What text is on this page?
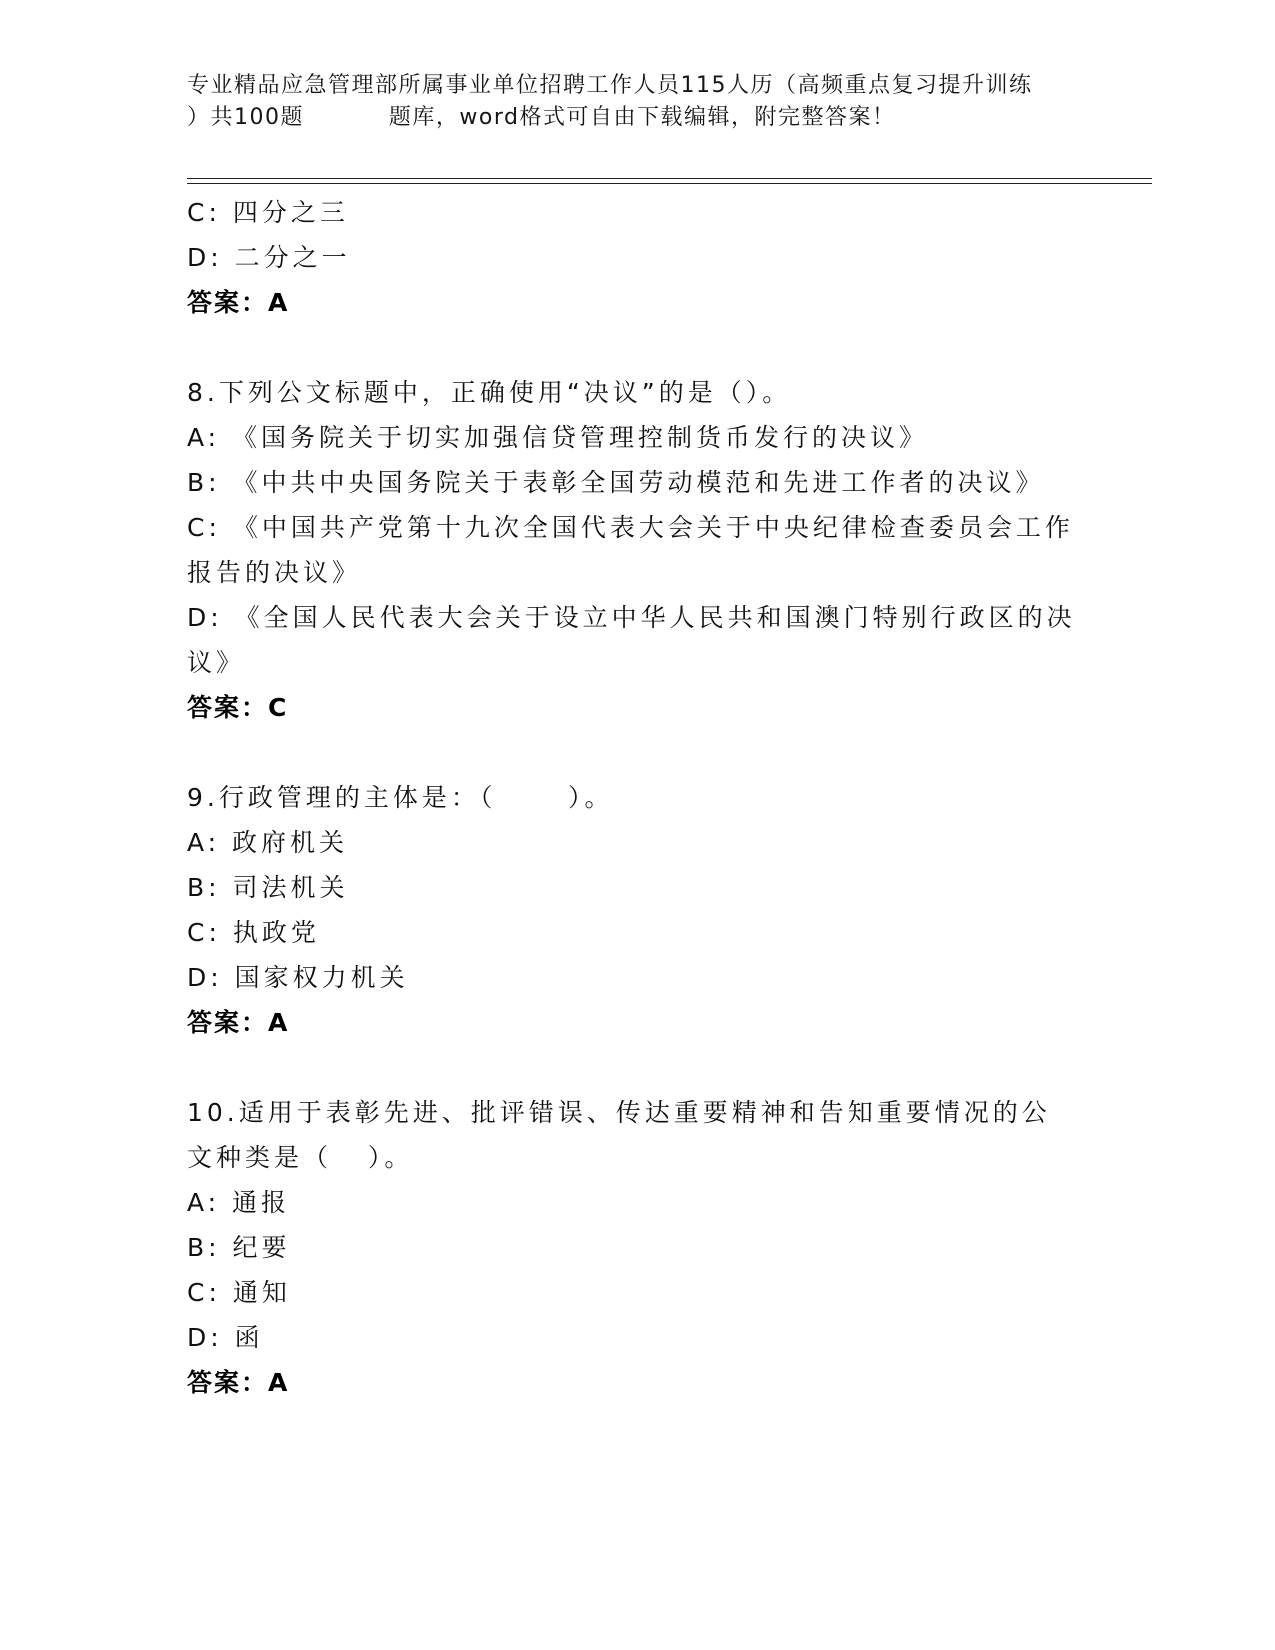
专业精品应急管理部所属事业单位招聘工作人员115人历（高频重点复习提升训练
）共100题          题库，word格式可自由下载编辑，附完整答案！
C: 四分之三
D: 二分之一
答案：A
8.下列公文标题中，正确使用“决议”的是（）。
A: 《国务院关于切实加强信贷管理控制货币发行的决议》
B: 《中共中央国务院关于表彰全国劳动模范和先进工作者的决议》
C: 《中国共产党第十九次全国代表大会关于中央纪律检查委员会工作报告的决议》
D: 《全国人民代表大会关于设立中华人民共和国澳门特别行政区的决议》
答案：C
9.行政管理的主体是：（      ）。
A: 政府机关
B: 司法机关
C: 执政党
D: 国家权力机关
答案：A
10.适用于表彰先进、批评错误、传达重要精神和告知重要情况的公文种类是（   ）。
A: 通报
B: 纪要
C: 通知
D: 函
答案：A
